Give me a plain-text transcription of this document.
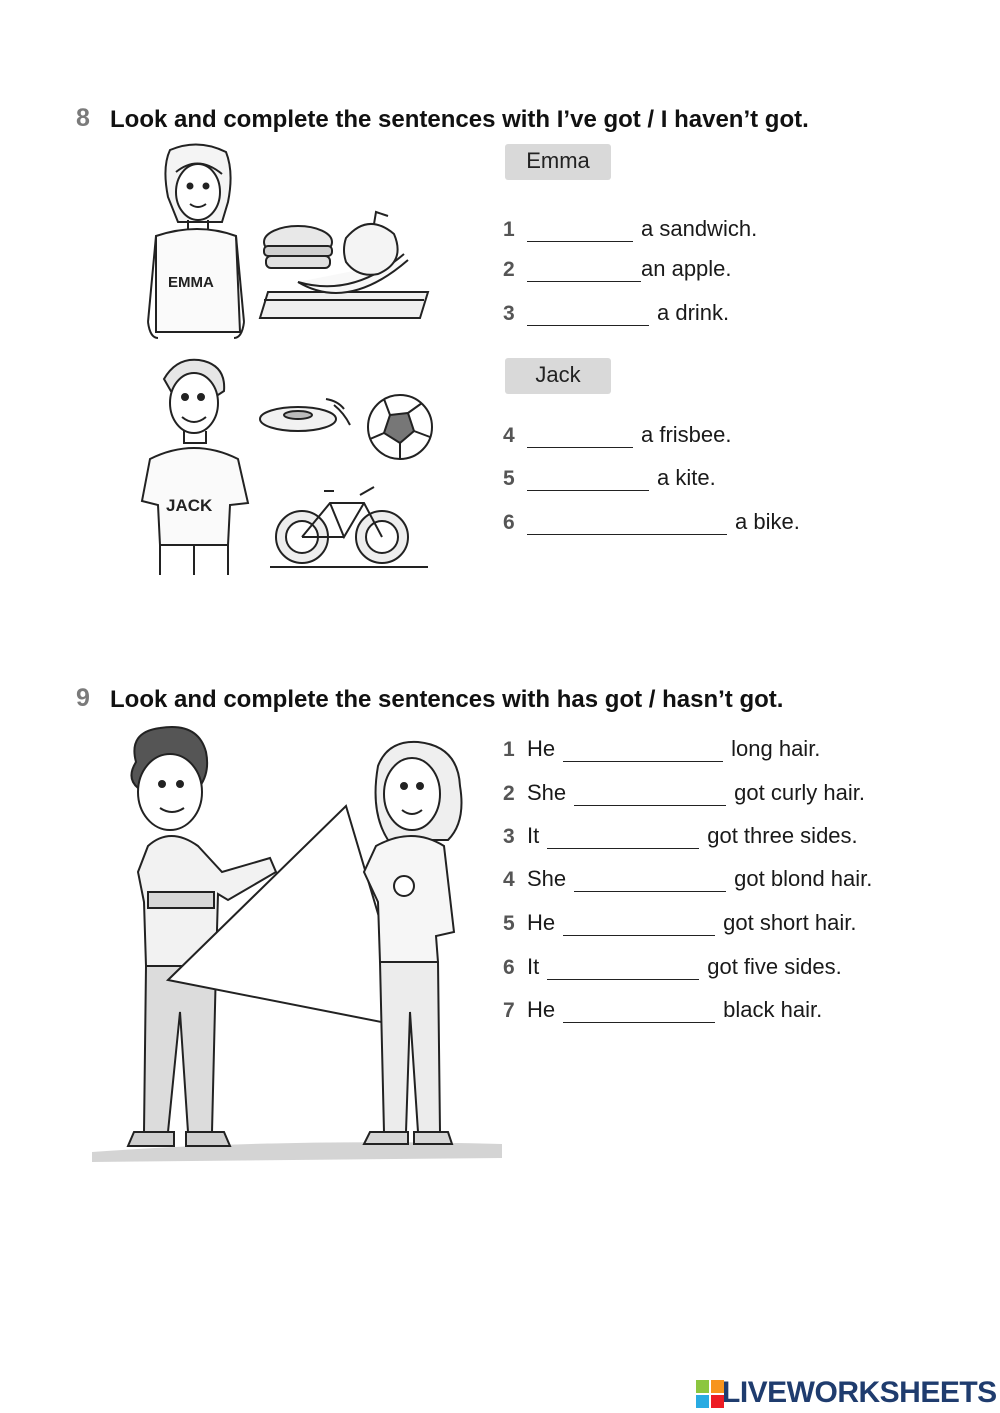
8 Look and complete the sentences with I’ve got / I haven’t got.
EMMA
Emma
1	a sandwich.
2	an apple.
3	a drink.
JACK
Jack
4	a frisbee.
5	a kite.
6	a bike.
9 Look and complete the sentences with has got / hasn’t got.
1 He	long hair.
2 She	got curly hair.
3 It	got three sides.
4 She	got blond hair.
5 He	got short hair.
6 It	got five sides.
7 He	black hair.
LIVEWORKSHEETS
